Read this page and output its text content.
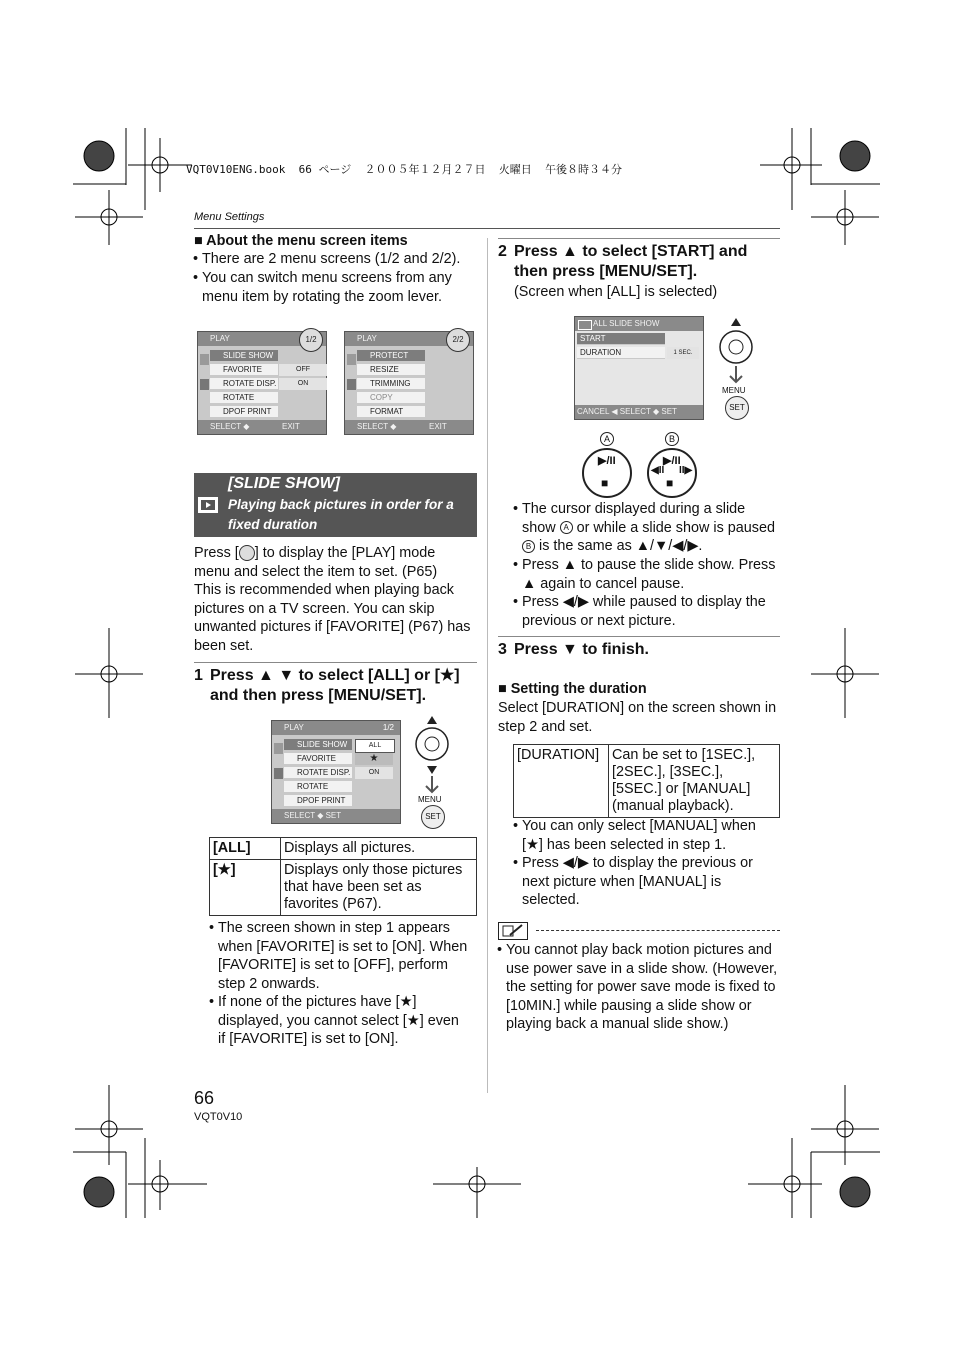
VQT0V10ENG.book  66 ページ  ２００５年１２月２７日  火曜日  午後８時３４分
Menu Settings
■ About the menu screen items
• There are 2 menu screens (1/2 and 2/2).
• You can switch menu screens from any menu item by rotating the zoom lever.
PLAY	1/2
SLIDE SHOW
FAVORITE
ROTATE DISP.
ROTATE
DPOF PRINT
OFF
ON
SELECT ◆	EXIT
PLAY	2/2
PROTECT
RESIZE
TRIMMING
COPY
FORMAT
SELECT ◆	EXIT
[SLIDE SHOW]
Playing back pictures in order for a
fixed duration
Press [ ] to display the [PLAY] mode
menu and select the item to set. (P65)
This is recommended when playing back
pictures on a TV screen. You can skip
unwanted pictures if [FAVORITE] (P67) has
been set.
1 Press ▲ ▼ to select [ALL] or [★]
and then press [MENU/SET].
PLAY	1/2
SLIDE SHOW
FAVORITE
ROTATE DISP.
ROTATE
DPOF PRINT
ALL
★
ON
SELECT ◆ SET
MENU
SET
[ALL]	Displays all pictures.
[★]	Displays only those pictures
that have been set as
favorites (P67).
• The screen shown in step 1 appears
when [FAVORITE] is set to [ON]. When
[FAVORITE] is set to [OFF], perform
step 2 onwards.
• If none of the pictures have [★]
displayed, you cannot select [★] even
if [FAVORITE] is set to [ON].
66
VQT0V10
2 Press ▲ to select [START] and
then press [MENU/SET].
(Screen when [ALL] is selected)
ALL SLIDE SHOW
START
DURATION	1 SEC.
CANCEL ◀ SELECT ◆ SET
MENU
SET
A	B
▶/II
■
▶/II
◀II II▶
■
• The cursor displayed during a slide
show A or while a slide show is paused
B is the same as ▲/▼/◀/▶.
• Press ▲ to pause the slide show. Press
▲ again to cancel pause.
• Press ◀/▶ while paused to display the
previous or next picture.
3 Press ▼ to finish.
■ Setting the duration
Select [DURATION] on the screen shown in
step 2 and set.
[DURATION]	Can be set to [1SEC.],
[2SEC.], [3SEC.],
[5SEC.] or [MANUAL]
(manual playback).
• You can only select [MANUAL] when
[★] has been selected in step 1.
• Press ◀/▶ to display the previous or
next picture when [MANUAL] is
selected.
• You cannot play back motion pictures and
use power save in a slide show. (However,
the setting for power save mode is fixed to
[10MIN.] while pausing a slide show or
playing back a manual slide show.)
